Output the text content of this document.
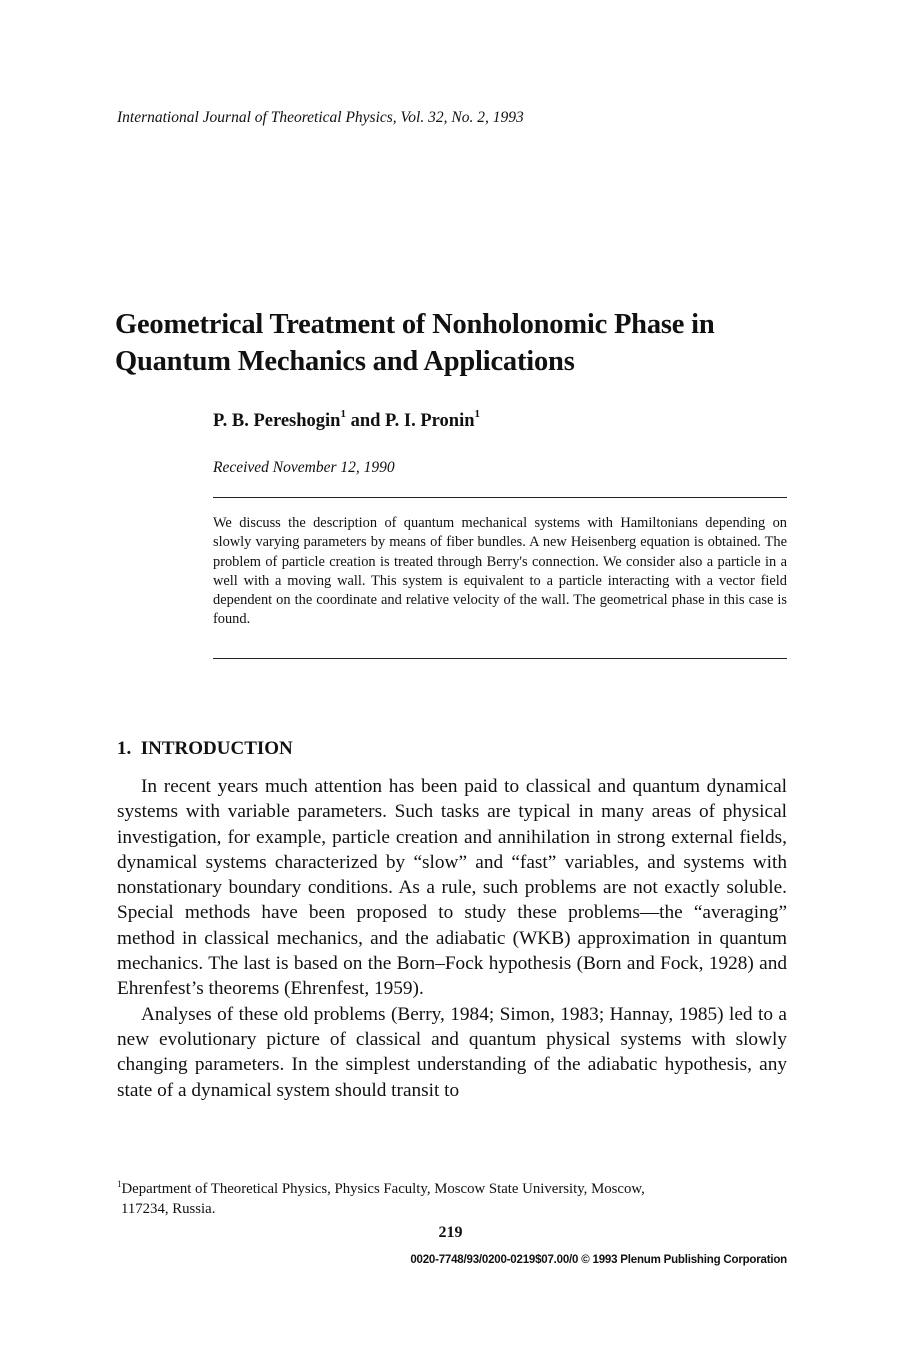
International Journal of Theoretical Physics, Vol. 32, No. 2, 1993
Geometrical Treatment of Nonholonomic Phase in
Quantum Mechanics and Applications
P. B. Pereshogin$^1$ and P. I. Pronin$^1$
Received November 12, 1990
We discuss the description of quantum mechanical systems with Hamiltonians depending on slowly varying parameters by means of fiber bundles. A new Heisenberg equation is obtained. The problem of particle creation is treated through Berry's connection. We consider also a particle in a well with a moving wall. This system is equivalent to a particle interacting with a vector field dependent on the coordinate and relative velocity of the wall. The geometrical phase in this case is found.
1. INTRODUCTION

In recent years much attention has been paid to classical and quantum dynamical systems with variable parameters. Such tasks are typical in many areas of physical investigation, for example, particle creation and annihilation in strong external fields, dynamical systems characterized by “slow” and “fast” variables, and systems with nonstationary boundary conditions. As a rule, such problems are not exactly soluble. Special methods have been proposed to study these problems—the “averaging” method in classical mechanics, and the adiabatic (WKB) approximation in quantum mechanics. The last is based on the Born–Fock hypothesis (Born and Fock, 1928) and Ehrenfest’s theorems (Ehrenfest, 1959).

Analyses of these old problems (Berry, 1984; Simon, 1983; Hannay, 1985) led to a new evolutionary picture of classical and quantum physical systems with slowly changing parameters. In the simplest understanding of the adiabatic hypothesis, any state of a dynamical system should transit to

$^1$Department of Theoretical Physics, Physics Faculty, Moscow State University, Moscow,
117234, Russia.
219
0020-7748/93/0200-0219$07.00/0 © 1993 Plenum Publishing Corporation
